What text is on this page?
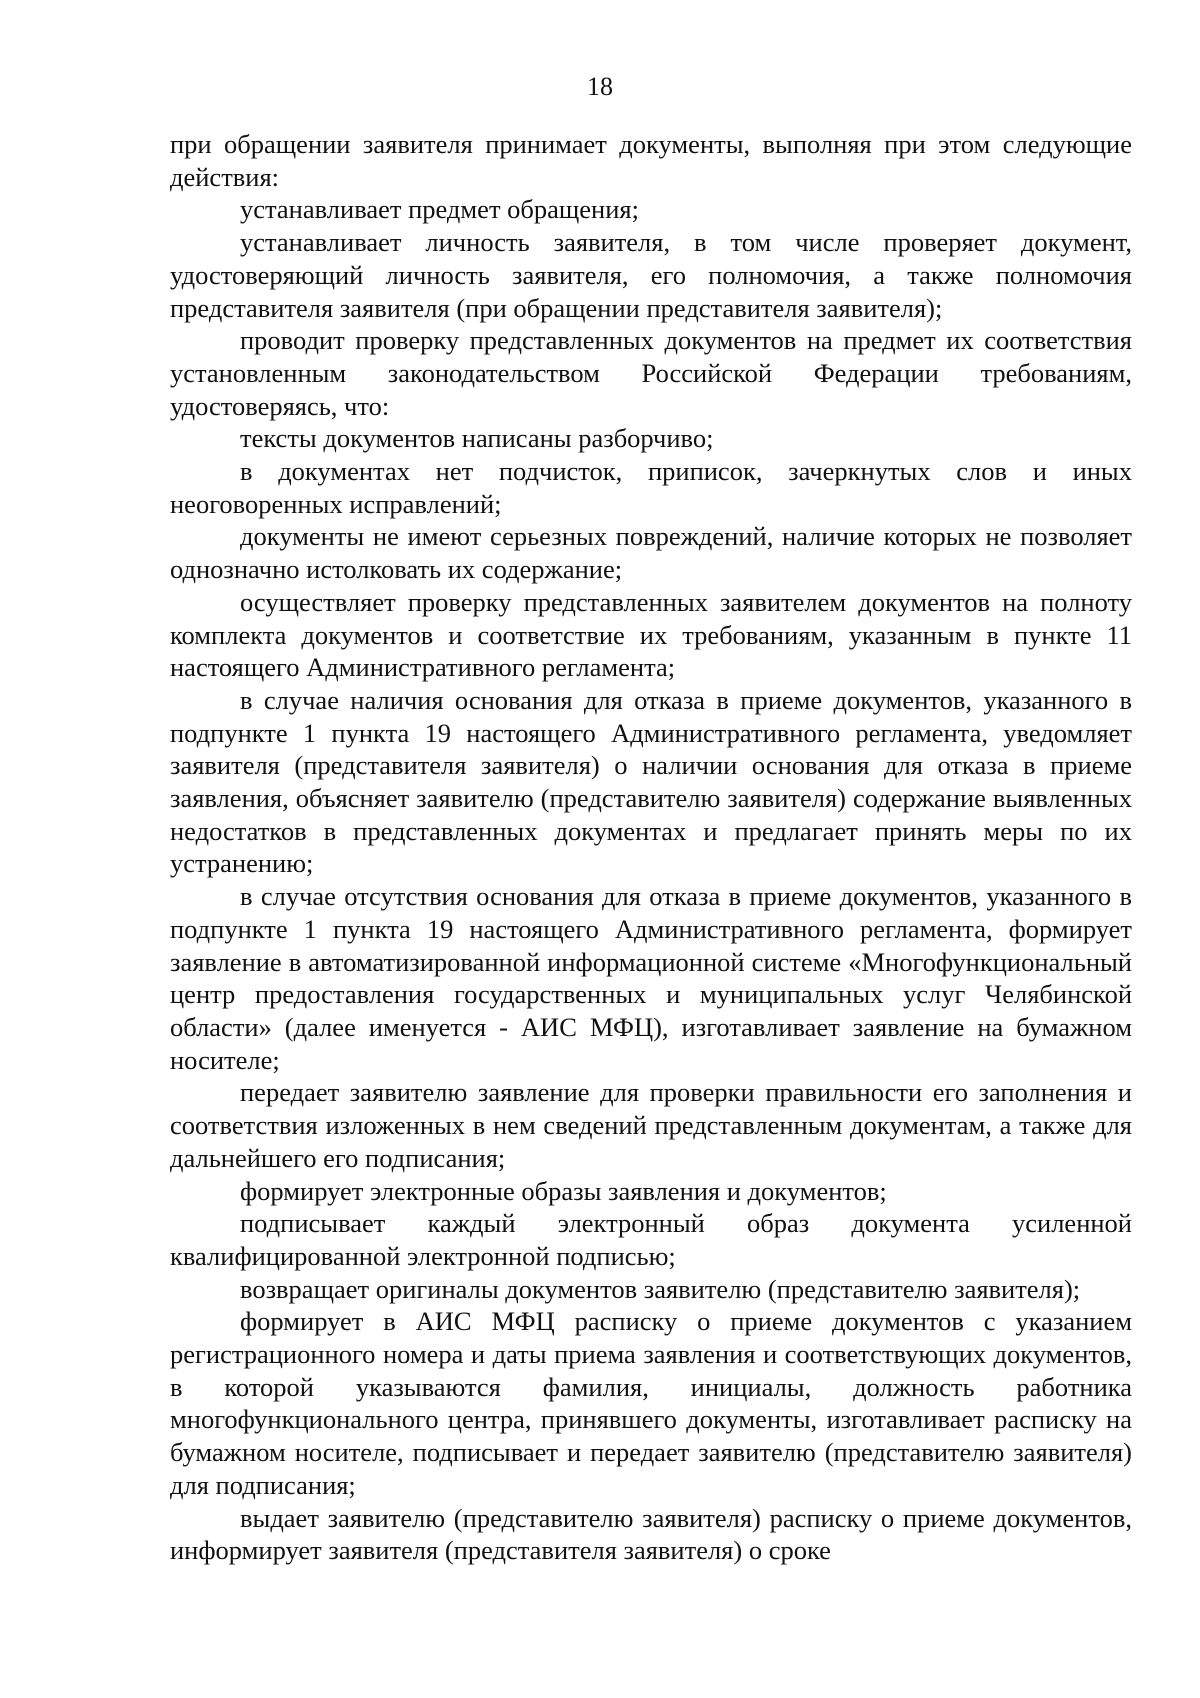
18

при обращении заявителя принимает документы, выполняя при этом следующие действия:

устанавливает предмет обращения;

устанавливает личность заявителя, в том числе проверяет документ, удостоверяющий личность заявителя, его полномочия, а также полномочия представителя заявителя (при обращении представителя заявителя);

проводит проверку представленных документов на предмет их соответствия установленным законодательством Российской Федерации требованиям, удостоверяясь, что:

тексты документов написаны разборчиво;

в документах нет подчисток, приписок, зачеркнутых слов и иных неоговоренных исправлений;

документы не имеют серьезных повреждений, наличие которых не позволяет однозначно истолковать их содержание;

осуществляет проверку представленных заявителем документов на полноту комплекта документов и соответствие их требованиям, указанным в пункте 11 настоящего Административного регламента;

в случае наличия основания для отказа в приеме документов, указанного в подпункте 1 пункта 19 настоящего Административного регламента, уведомляет заявителя (представителя заявителя) о наличии основания для отказа в приеме заявления, объясняет заявителю (представителю заявителя) содержание выявленных недостатков в представленных документах и предлагает принять меры по их устранению;

в случае отсутствия основания для отказа в приеме документов, указанного в подпункте 1 пункта 19 настоящего Административного регламента, формирует заявление в автоматизированной информационной системе «Многофункциональный центр предоставления государственных и муниципальных услуг Челябинской области» (далее именуется - АИС МФЦ), изготавливает заявление на бумажном носителе;

передает заявителю заявление для проверки правильности его заполнения и соответствия изложенных в нем сведений представленным документам, а также для дальнейшего его подписания;

формирует электронные образы заявления и документов;

подписывает каждый электронный образ документа усиленной квалифицированной электронной подписью;

возвращает оригиналы документов заявителю (представителю заявителя);

формирует в АИС МФЦ расписку о приеме документов с указанием регистрационного номера и даты приема заявления и соответствующих документов, в которой указываются фамилия, инициалы, должность работника многофункционального центра, принявшего документы, изготавливает расписку на бумажном носителе, подписывает и передает заявителю (представителю заявителя) для подписания;

выдает заявителю (представителю заявителя) расписку о приеме документов, информирует заявителя (представителя заявителя) о сроке
